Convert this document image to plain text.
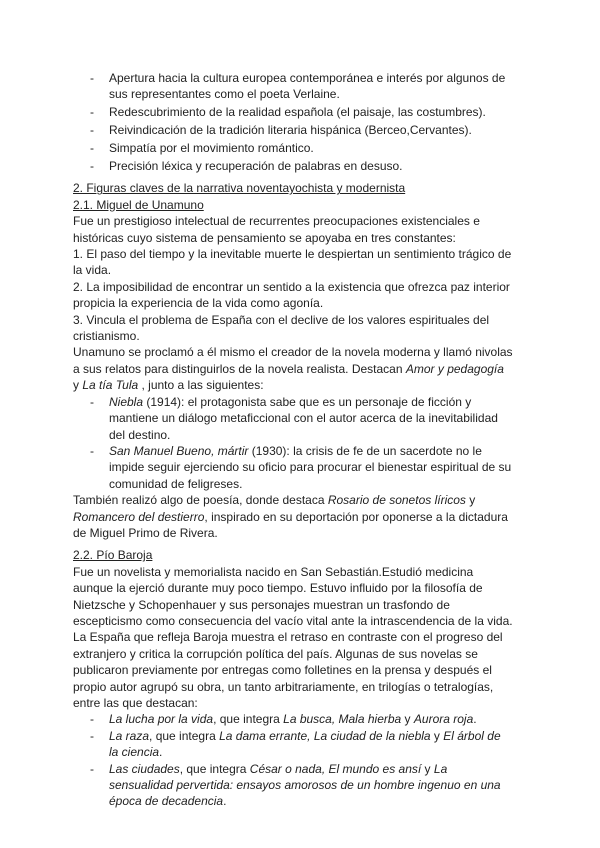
- Apertura hacia la cultura europea contemporánea e interés por algunos de sus representantes como el poeta Verlaine.
- Redescubrimiento de la realidad española (el paisaje, las costumbres).
- Reivindicación de la tradición literaria hispánica (Berceo,Cervantes).
- Simpatía por el movimiento romántico.
- Precisión léxica y recuperación de palabras en desuso.

2. Figuras claves de la narrativa noventayochista y modernista

2.1. Miguel de Unamuno

Fue un prestigioso intelectual de recurrentes preocupaciones existenciales e históricas cuyo sistema de pensamiento se apoyaba en tres constantes:

1. El paso del tiempo y la inevitable muerte le despiertan un sentimiento trágico de la vida.

2. La imposibilidad de encontrar un sentido a la existencia que ofrezca paz interior propicia la experiencia de la vida como agonía.

3. Vincula el problema de España con el declive de los valores espirituales del cristianismo.

Unamuno se proclamó a él mismo el creador de la novela moderna y llamó nivolas a sus relatos para distinguirlos de la novela realista. Destacan Amor y pedagogía y La tía Tula , junto a las siguientes:

- Niebla (1914): el protagonista sabe que es un personaje de ficción y mantiene un diálogo metaficcional con el autor acerca de la inevitabilidad del destino.
- San Manuel Bueno, mártir (1930): la crisis de fe de un sacerdote no le impide seguir ejerciendo su oficio para procurar el bienestar espiritual de su comunidad de feligreses.

También realizó algo de poesía, donde destaca Rosario de sonetos líricos y Romancero del destierro, inspirado en su deportación por oponerse a la dictadura de Miguel Primo de Rivera.

2.2. Pío Baroja

Fue un novelista y memorialista nacido en San Sebastián.Estudió medicina aunque la ejerció durante muy poco tiempo. Estuvo influido por la filosofía de Nietzsche y Schopenhauer y sus personajes muestran un trasfondo de escepticismo como consecuencia del vacío vital ante la intrascendencia de la vida. La España que refleja Baroja muestra el retraso en contraste con el progreso del extranjero y critica la corrupción política del país. Algunas de sus novelas se publicaron previamente por entregas como folletines en la prensa y después el propio autor agrupó su obra, un tanto arbitrariamente, en trilogías o tetralogías, entre las que destacan:

- La lucha por la vida, que integra La busca, Mala hierba y Aurora roja.
- La raza, que integra La dama errante, La ciudad de la niebla y El árbol de la ciencia.
- Las ciudades, que integra César o nada, El mundo es ansí y La sensualidad pervertida: ensayos amorosos de un hombre ingenuo en una época de decadencia.
